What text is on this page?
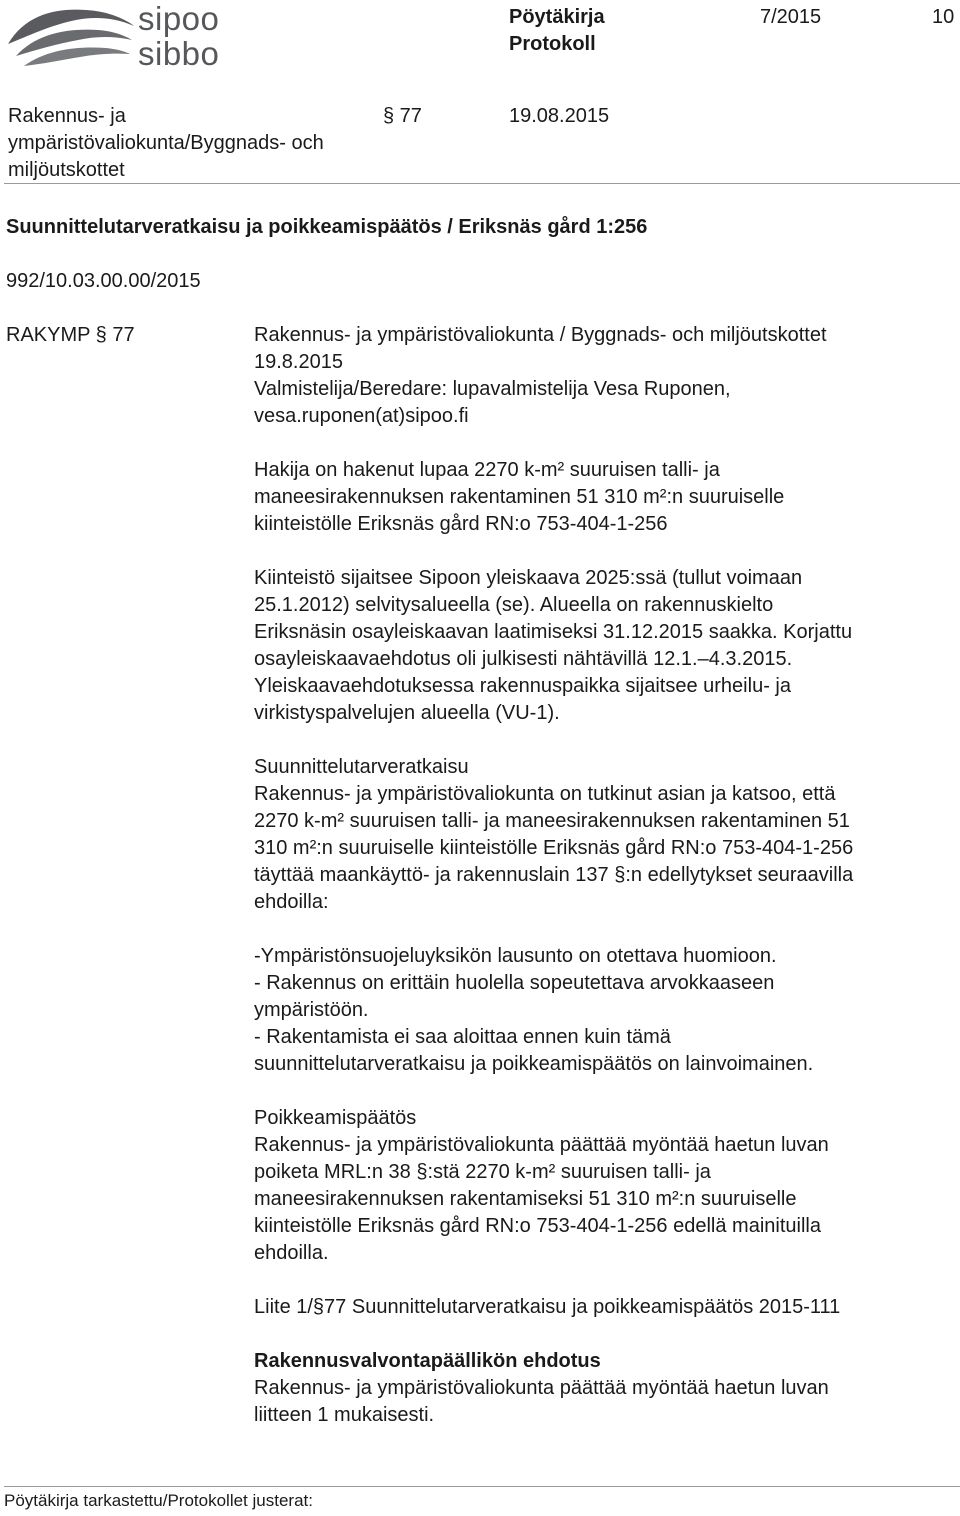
sipoo
sibbo
Pöytäkirja
Protokoll
7/2015	10
Rakennus- ja
ympäristövaliokunta/Byggnads- och
miljöutskottet
§ 77	19.08.2015
Suunnittelutarveratkaisu ja poikkeamispäätös / Eriksnäs gård 1:256
992/10.03.00.00/2015
RAKYMP § 77	Rakennus- ja ympäristövaliokunta / Byggnads- och miljöutskottet

19.8.2015

Valmistelija/Beredare: lupavalmistelija Vesa Ruponen,

vesa.ruponen(at)sipoo.fi

Hakija on hakenut lupaa 2270 k-m² suuruisen talli- ja

maneesirakennuksen rakentaminen 51 310 m²:n suuruiselle

kiinteistölle Eriksnäs gård RN:o 753-404-1-256

Kiinteistö sijaitsee Sipoon yleiskaava 2025:ssä (tullut voimaan

25.1.2012) selvitysalueella (se). Alueella on rakennuskielto

Eriksnäsin osayleiskaavan laatimiseksi 31.12.2015 saakka. Korjattu

osayleiskaavaehdotus oli julkisesti nähtävillä 12.1.–4.3.2015.

Yleiskaavaehdotuksessa rakennuspaikka sijaitsee urheilu- ja

virkistyspalvelujen alueella (VU-1).

Suunnittelutarveratkaisu

Rakennus- ja ympäristövaliokunta on tutkinut asian ja katsoo, että

2270 k-m² suuruisen talli- ja maneesirakennuksen rakentaminen 51

310 m²:n suuruiselle kiinteistölle Eriksnäs gård RN:o 753-404-1-256

täyttää maankäyttö- ja rakennuslain 137 §:n edellytykset seuraavilla

ehdoilla:

-Ympäristönsuojeluyksikön lausunto on otettava huomioon.

- Rakennus on erittäin huolella sopeutettava arvokkaaseen

ympäristöön.

- Rakentamista ei saa aloittaa ennen kuin tämä

suunnittelutarveratkaisu ja poikkeamispäätös on lainvoimainen.

Poikkeamispäätös

Rakennus- ja ympäristövaliokunta päättää myöntää haetun luvan

poiketa MRL:n 38 §:stä 2270 k-m² suuruisen talli- ja

maneesirakennuksen rakentamiseksi 51 310 m²:n suuruiselle

kiinteistölle Eriksnäs gård RN:o 753-404-1-256 edellä mainituilla

ehdoilla.

Liite 1/§77 Suunnittelutarveratkaisu ja poikkeamispäätös 2015-111

Rakennusvalvontapäällikön ehdotus

Rakennus- ja ympäristövaliokunta päättää myöntää haetun luvan

liitteen 1 mukaisesti.

Pöytäkirja tarkastettu/Protokollet justerat:
